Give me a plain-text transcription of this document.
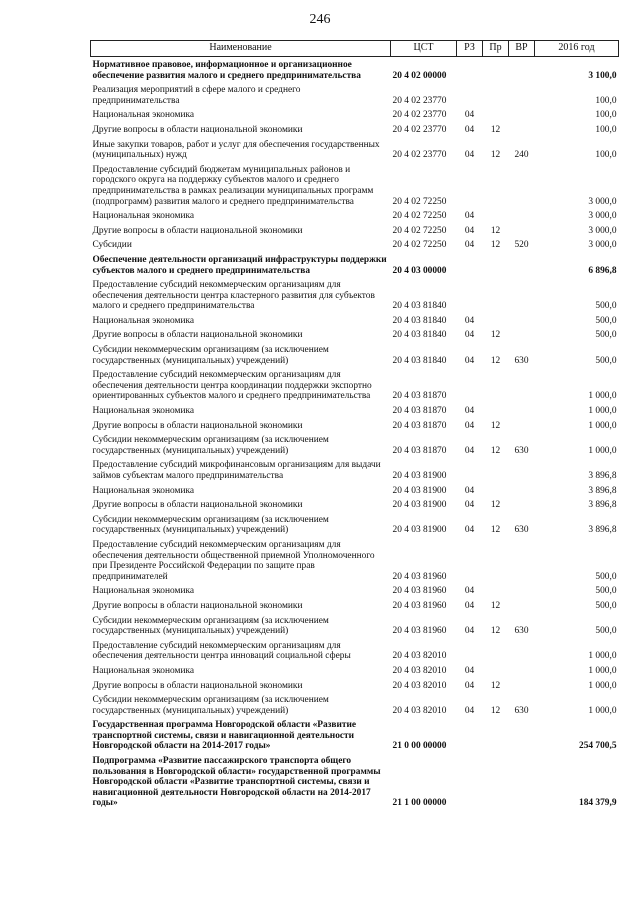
246
Наименование	ЦСТ	РЗ	Пр	ВР	2016 год
Нормативное правовое, информационное и организационное обеспечение развития малого и среднего предпринимательства	20 4 02 00000				3 100,0
Реализация мероприятий в сфере малого и среднего предпринимательства	20 4 02 23770				100,0
Национальная экономика	20 4 02 23770	04			100,0
Другие вопросы в области национальной экономики	20 4 02 23770	04	12		100,0
Иные закупки товаров, работ и услуг для обеспечения государственных (муниципальных) нужд	20 4 02 23770	04	12	240	100,0
Предоставление субсидий бюджетам муниципальных районов и городского округа на поддержку субъектов малого и среднего предпринимательства в рамках реализации муниципальных программ (подпрограмм) развития малого и среднего предпринимательства	20 4 02 72250				3 000,0
Национальная экономика	20 4 02 72250	04			3 000,0
Другие вопросы в области национальной экономики	20 4 02 72250	04	12		3 000,0
Субсидии	20 4 02 72250	04	12	520	3 000,0
Обеспечение деятельности организаций инфраструктуры поддержки субъектов малого и среднего предпринимательства	20 4 03 00000				6 896,8
Предоставление субсидий некоммерческим организациям для обеспечения деятельности центра кластерного развития для субъектов малого и среднего предпринимательства	20 4 03 81840				500,0
Национальная экономика	20 4 03 81840	04			500,0
Другие вопросы в области национальной экономики	20 4 03 81840	04	12		500,0
Субсидии некоммерческим организациям (за исключением государственных (муниципальных) учреждений)	20 4 03 81840	04	12	630	500,0
Предоставление субсидий некоммерческим организациям для обеспечения деятельности центра координации поддержки экспортно ориентированных субъектов малого и среднего предпринимательства	20 4 03 81870				1 000,0
Национальная экономика	20 4 03 81870	04			1 000,0
Другие вопросы в области национальной экономики	20 4 03 81870	04	12		1 000,0
Субсидии некоммерческим организациям (за исключением государственных (муниципальных) учреждений)	20 4 03 81870	04	12	630	1 000,0
Предоставление субсидий микрофинансовым организациям для выдачи займов субъектам малого предпринимательства	20 4 03 81900				3 896,8
Национальная экономика	20 4 03 81900	04			3 896,8
Другие вопросы в области национальной экономики	20 4 03 81900	04	12		3 896,8
Субсидии некоммерческим организациям (за исключением государственных (муниципальных) учреждений)	20 4 03 81900	04	12	630	3 896,8
Предоставление субсидий некоммерческим организациям для обеспечения деятельности общественной приемной Уполномоченного при Президенте Российской Федерации по защите прав предпринимателей	20 4 03 81960				500,0
Национальная экономика	20 4 03 81960	04			500,0
Другие вопросы в области национальной экономики	20 4 03 81960	04	12		500,0
Субсидии некоммерческим организациям (за исключением государственных (муниципальных) учреждений)	20 4 03 81960	04	12	630	500,0
Предоставление субсидий некоммерческим организациям для обеспечения деятельности центра инноваций социальной сферы	20 4 03 82010				1 000,0
Национальная экономика	20 4 03 82010	04			1 000,0
Другие вопросы в области национальной экономики	20 4 03 82010	04	12		1 000,0
Субсидии некоммерческим организациям (за исключением государственных (муниципальных) учреждений)	20 4 03 82010	04	12	630	1 000,0
Государственная программа Новгородской области «Развитие транспортной системы, связи и навигационной деятельности Новгородской области на 2014-2017 годы»	21 0 00 00000				254 700,5
Подпрограмма «Развитие пассажирского транспорта общего пользования в Новгородской области» государственной программы Новгородской области «Развитие транспортной системы, связи и навигационной деятельности Новгородской области на 2014-2017 годы»	21 1 00 00000				184 379,9
